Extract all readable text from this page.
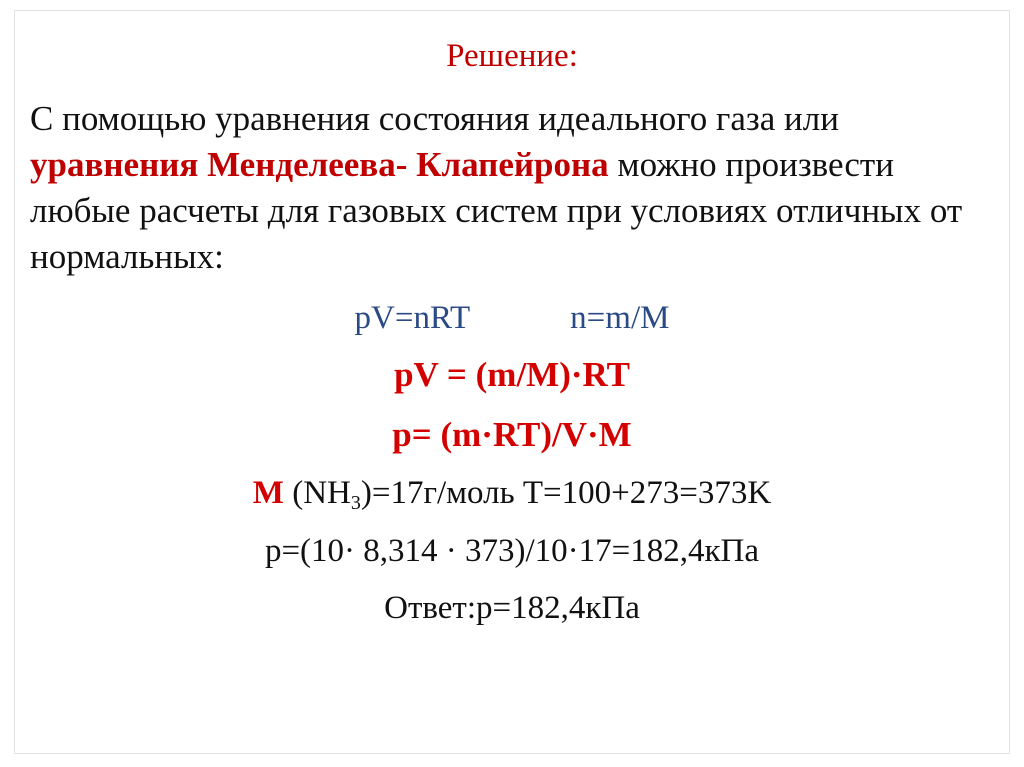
Решение:
С помощью уравнения состояния идеального газа или уравнения Менделеева- Клапейрона можно произвести любые расчеты для газовых систем при условиях отличных от нормальных:
pV=nRT	n=m/M
pV = (m/M)·RT
p= (m·RT)/V·M
M $(NH_3)=17г$/моль T=100+273=373K
p=(10· 8,314 · 373)/10·17=182,4кПа
Ответ:p=182,4кПа
